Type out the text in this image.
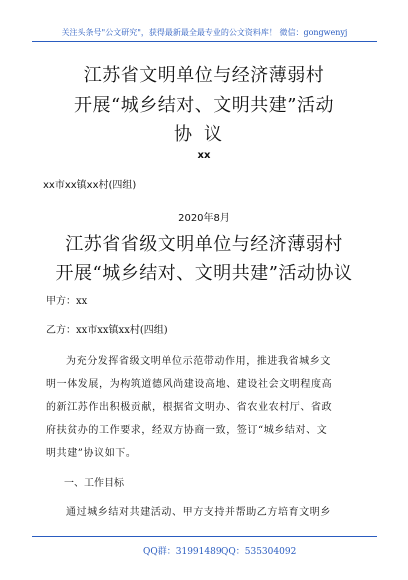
关注头条号"公文研究"，获得最新最全最专业的公文资料库！ 微信：gongwenyj
江苏省文明单位与经济薄弱村
开展“城乡结对、文明共建”活动
协议
xx
xx市xx镇xx村(四组)
2020年8月
江苏省省级文明单位与经济薄弱村
开展“城乡结对、文明共建”活动协议
甲方：xx
乙方：xx市xx镇xx村(四组)
为充分发挥省级文明单位示范带动作用，推进我省城乡文
明一体发展，为构筑道德风尚建设高地、建设社会文明程度高
的新江苏作出积极贡献，根据省文明办、省农业农村厅、省政
府扶贫办的工作要求，经双方协商一致，签订“城乡结对、文
明共建”协议如下。
一、工作目标
通过城乡结对共建活动、甲方支持并帮助乙方培育文明乡
QQ群：31991489 QQ：535304092
